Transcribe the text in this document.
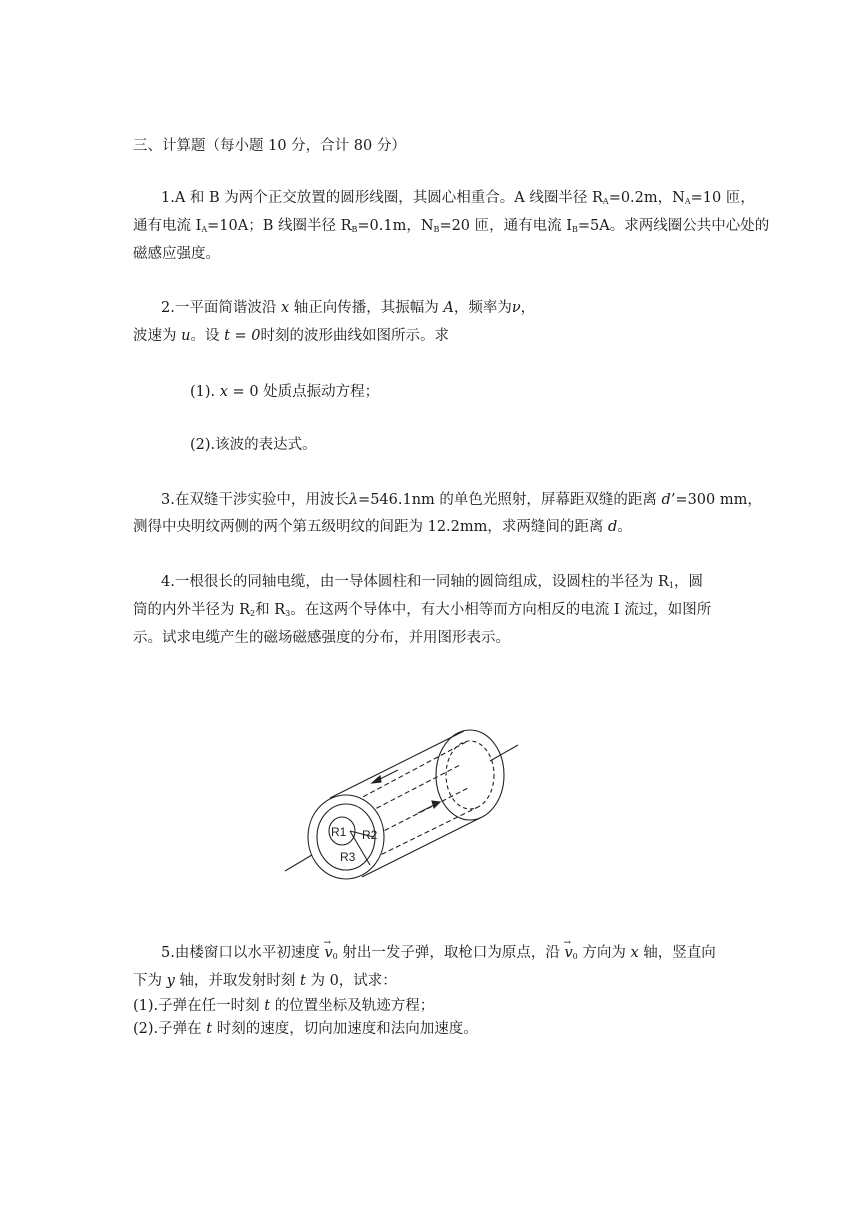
三、计算题（每小题 10 分，合计 80 分）
1.A 和 B 为两个正交放置的圆形线圈，其圆心相重合。A 线圈半径 $R_A=0.2m$，$N_A=10$ 匝，
通有电流 $I_A=10A$；B 线圈半径 $R_B=0.1m$，$N_B=20$ 匝，通有电流 $I_B=5A$。求两线圈公共中心处的
磁感应强度。
2.一平面简谐波沿 x 轴正向传播，其振幅为 A，频率为ν，
波速为 u。设 t = 0时刻的波形曲线如图所示。求
(1). x = 0 处质点振动方程；
(2).该波的表达式。
3.在双缝干涉实验中，用波长λ=546.1nm 的单色光照射，屏幕距双缝的距离 d’=300 mm，
测得中央明纹两侧的两个第五级明纹的间距为 12.2mm，求两缝间的距离 d。
4.一根很长的同轴电缆，由一导体圆柱和一同轴的圆筒组成，设圆柱的半径为 $R_1$，圆
筒的内外半径为 $R_2$和 $R_3$。在这两个导体中，有大小相等而方向相反的电流 I 流过，如图所
示。试求电缆产生的磁场磁感强度的分布，并用图形表示。
R1 R2
R3
5.由楼窗口以水平初速度 → $v_0$ 射出一发子弹，取枪口为原点，沿 → $v_0$ 方向为 x 轴，竖直向
下为 y 轴，并取发射时刻 t 为 0，试求：
(1).子弹在任一时刻 t 的位置坐标及轨迹方程；
(2).子弹在 t 时刻的速度，切向加速度和法向加速度。
